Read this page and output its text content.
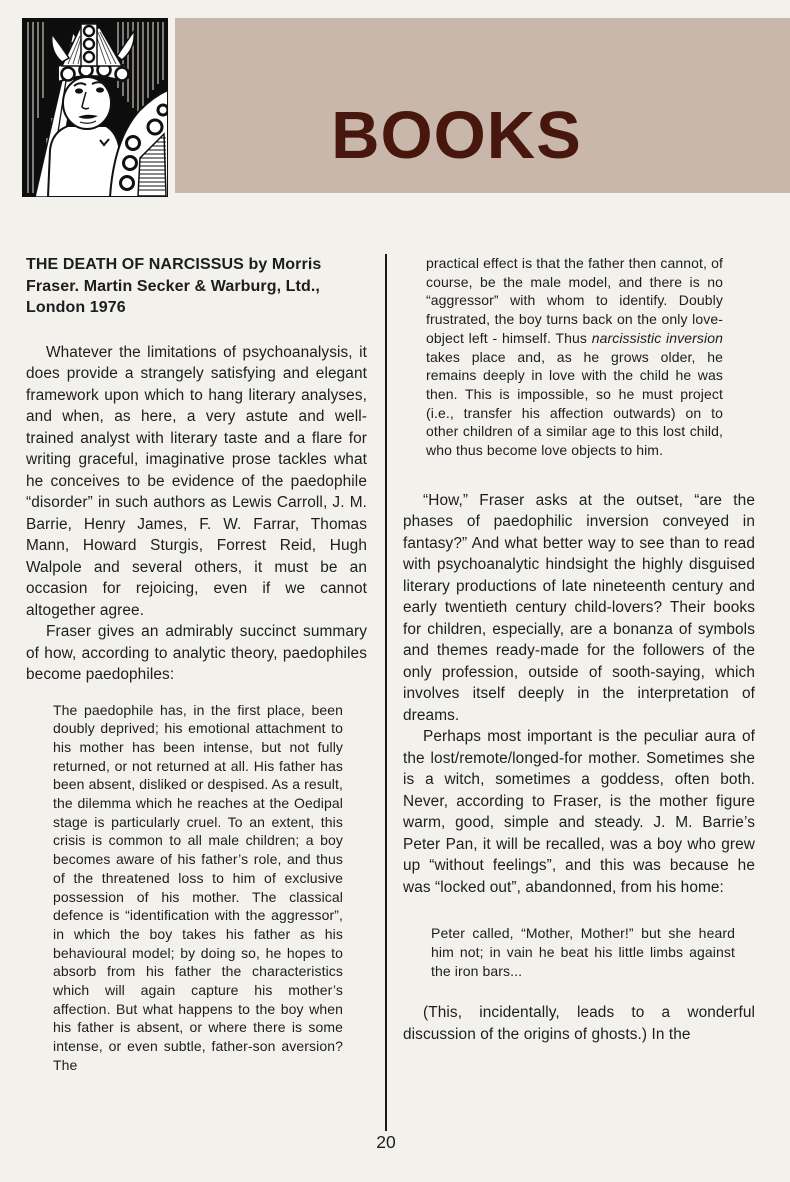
BOOKS
THE DEATH OF NARCISSUS by Morris Fraser. Martin Secker & Warburg, Ltd., London 1976

Whatever the limitations of psychoanalysis, it does provide a strangely satisfying and elegant framework upon which to hang literary analyses, and when, as here, a very astute and well-trained analyst with literary taste and a flare for writing graceful, imaginative prose tackles what he conceives to be evidence of the paedophile “disorder” in such authors as Lewis Carroll, J. M. Barrie, Henry James, F. W. Farrar, Thomas Mann, Howard Sturgis, Forrest Reid, Hugh Walpole and several others, it must be an occasion for rejoicing, even if we cannot altogether agree.

Fraser gives an admirably succinct summary of how, according to analytic theory, paedophiles become paedophiles:

The paedophile has, in the first place, been doubly deprived; his emotional attachment to his mother has been intense, but not fully returned, or not returned at all. His father has been absent, disliked or despised. As a result, the dilemma which he reaches at the Oedipal stage is particularly cruel. To an extent, this crisis is common to all male children; a boy becomes aware of his father’s role, and thus of the threatened loss to him of exclusive possession of his mother. The classical defence is “identification with the aggressor”, in which the boy takes his father as his behavioural model; by doing so, he hopes to absorb from his father the characteristics which will again capture his mother’s affection. But what happens to the boy when his father is absent, or where there is some intense, or even subtle, father-son aversion? The
practical effect is that the father then cannot, of course, be the male model, and there is no “aggressor” with whom to identify. Doubly frustrated, the boy turns back on the only love-object left - himself. Thus narcissistic inversion takes place and, as he grows older, he remains deeply in love with the child he was then. This is impossible, so he must project (i.e., transfer his affection outwards) on to other children of a similar age to this lost child, who thus become love objects to him.

“How,” Fraser asks at the outset, “are the phases of paedophilic inversion conveyed in fantasy?” And what better way to see than to read with psychoanalytic hindsight the highly disguised literary productions of late nineteenth century and early twentieth century child-lovers? Their books for children, especially, are a bonanza of symbols and themes ready-made for the followers of the only profession, outside of sooth-saying, which involves itself deeply in the interpretation of dreams.

Perhaps most important is the peculiar aura of the lost/remote/longed-for mother. Sometimes she is a witch, sometimes a goddess, often both. Never, according to Fraser, is the mother figure warm, good, simple and steady. J. M. Barrie’s Peter Pan, it will be recalled, was a boy who grew up “without feelings”, and this was because he was “locked out”, abandonned, from his home:

Peter called, “Mother, Mother!” but she heard him not; in vain he beat his little limbs against the iron bars...

(This, incidentally, leads to a wonderful discussion of the origins of ghosts.) In the

20
